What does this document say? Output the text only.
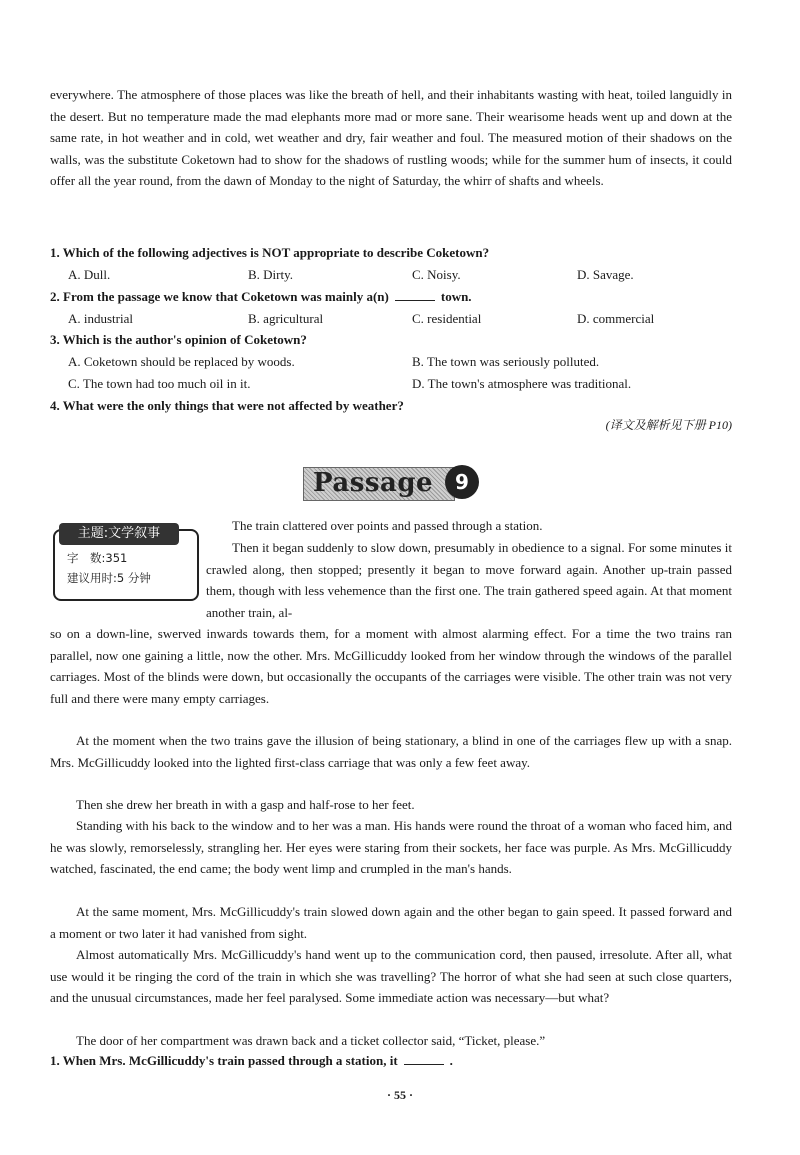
everywhere. The atmosphere of those places was like the breath of hell, and their inhabitants wasting with heat, toiled languidly in the desert. But no temperature made the mad elephants more mad or more sane. Their wearisome heads went up and down at the same rate, in hot weather and in cold, wet weather and dry, fair weather and foul. The measured motion of their shadows on the walls, was the substitute Coketown had to show for the shadows of rustling woods; while for the summer hum of insects, it could offer all the year round, from the dawn of Monday to the night of Saturday, the whirr of shafts and wheels.

1. Which of the following adjectives is NOT appropriate to describe Coketown?
A. Dull.	B. Dirty.	C. Noisy.	D. Savage.
2. From the passage we know that Coketown was mainly a(n)	town.
A. industrial	B. agricultural	C. residential	D. commercial
3. Which is the author's opinion of Coketown?
A. Coketown should be replaced by woods.	B. The town was seriously polluted.
C. The town had too much oil in it.	D. The town's atmosphere was traditional.
4. What were the only things that were not affected by weather?
(译文及解析见下册 P10)
Passage	9
主题:文学叙事
字　数:351
建议用时:5 分钟

The train clattered over points and passed through a station.

Then it began suddenly to slow down, presumably in obedience to a signal. For some minutes it crawled along, then stopped; presently it began to move forward again. Another up-train passed them, though with less vehemence than the first one. The train gathered speed again. At that moment another train, al-

so on a down-line, swerved inwards towards them, for a moment with almost alarming effect. For a time the two trains ran parallel, now one gaining a little, now the other. Mrs. McGillicuddy looked from her window through the windows of the parallel carriages. Most of the blinds were down, but occasionally the occupants of the carriages were visible. The other train was not very full and there were many empty carriages.

At the moment when the two trains gave the illusion of being stationary, a blind in one of the carriages flew up with a snap. Mrs. McGillicuddy looked into the lighted first-class carriage that was only a few feet away.

Then she drew her breath in with a gasp and half-rose to her feet.

Standing with his back to the window and to her was a man. His hands were round the throat of a woman who faced him, and he was slowly, remorselessly, strangling her. Her eyes were staring from their sockets, her face was purple. As Mrs. McGillicuddy watched, fascinated, the end came; the body went limp and crumpled in the man's hands.

At the same moment, Mrs. McGillicuddy's train slowed down again and the other began to gain speed. It passed forward and a moment or two later it had vanished from sight.

Almost automatically Mrs. McGillicuddy's hand went up to the communication cord, then paused, irresolute. After all, what use would it be ringing the cord of the train in which she was travelling? The horror of what she had seen at such close quarters, and the unusual circumstances, made her feel paralysed. Some immediate action was necessary—but what?

The door of her compartment was drawn back and a ticket collector said, “Ticket, please.”

1. When Mrs. McGillicuddy's train passed through a station, it	.
· 55 ·
